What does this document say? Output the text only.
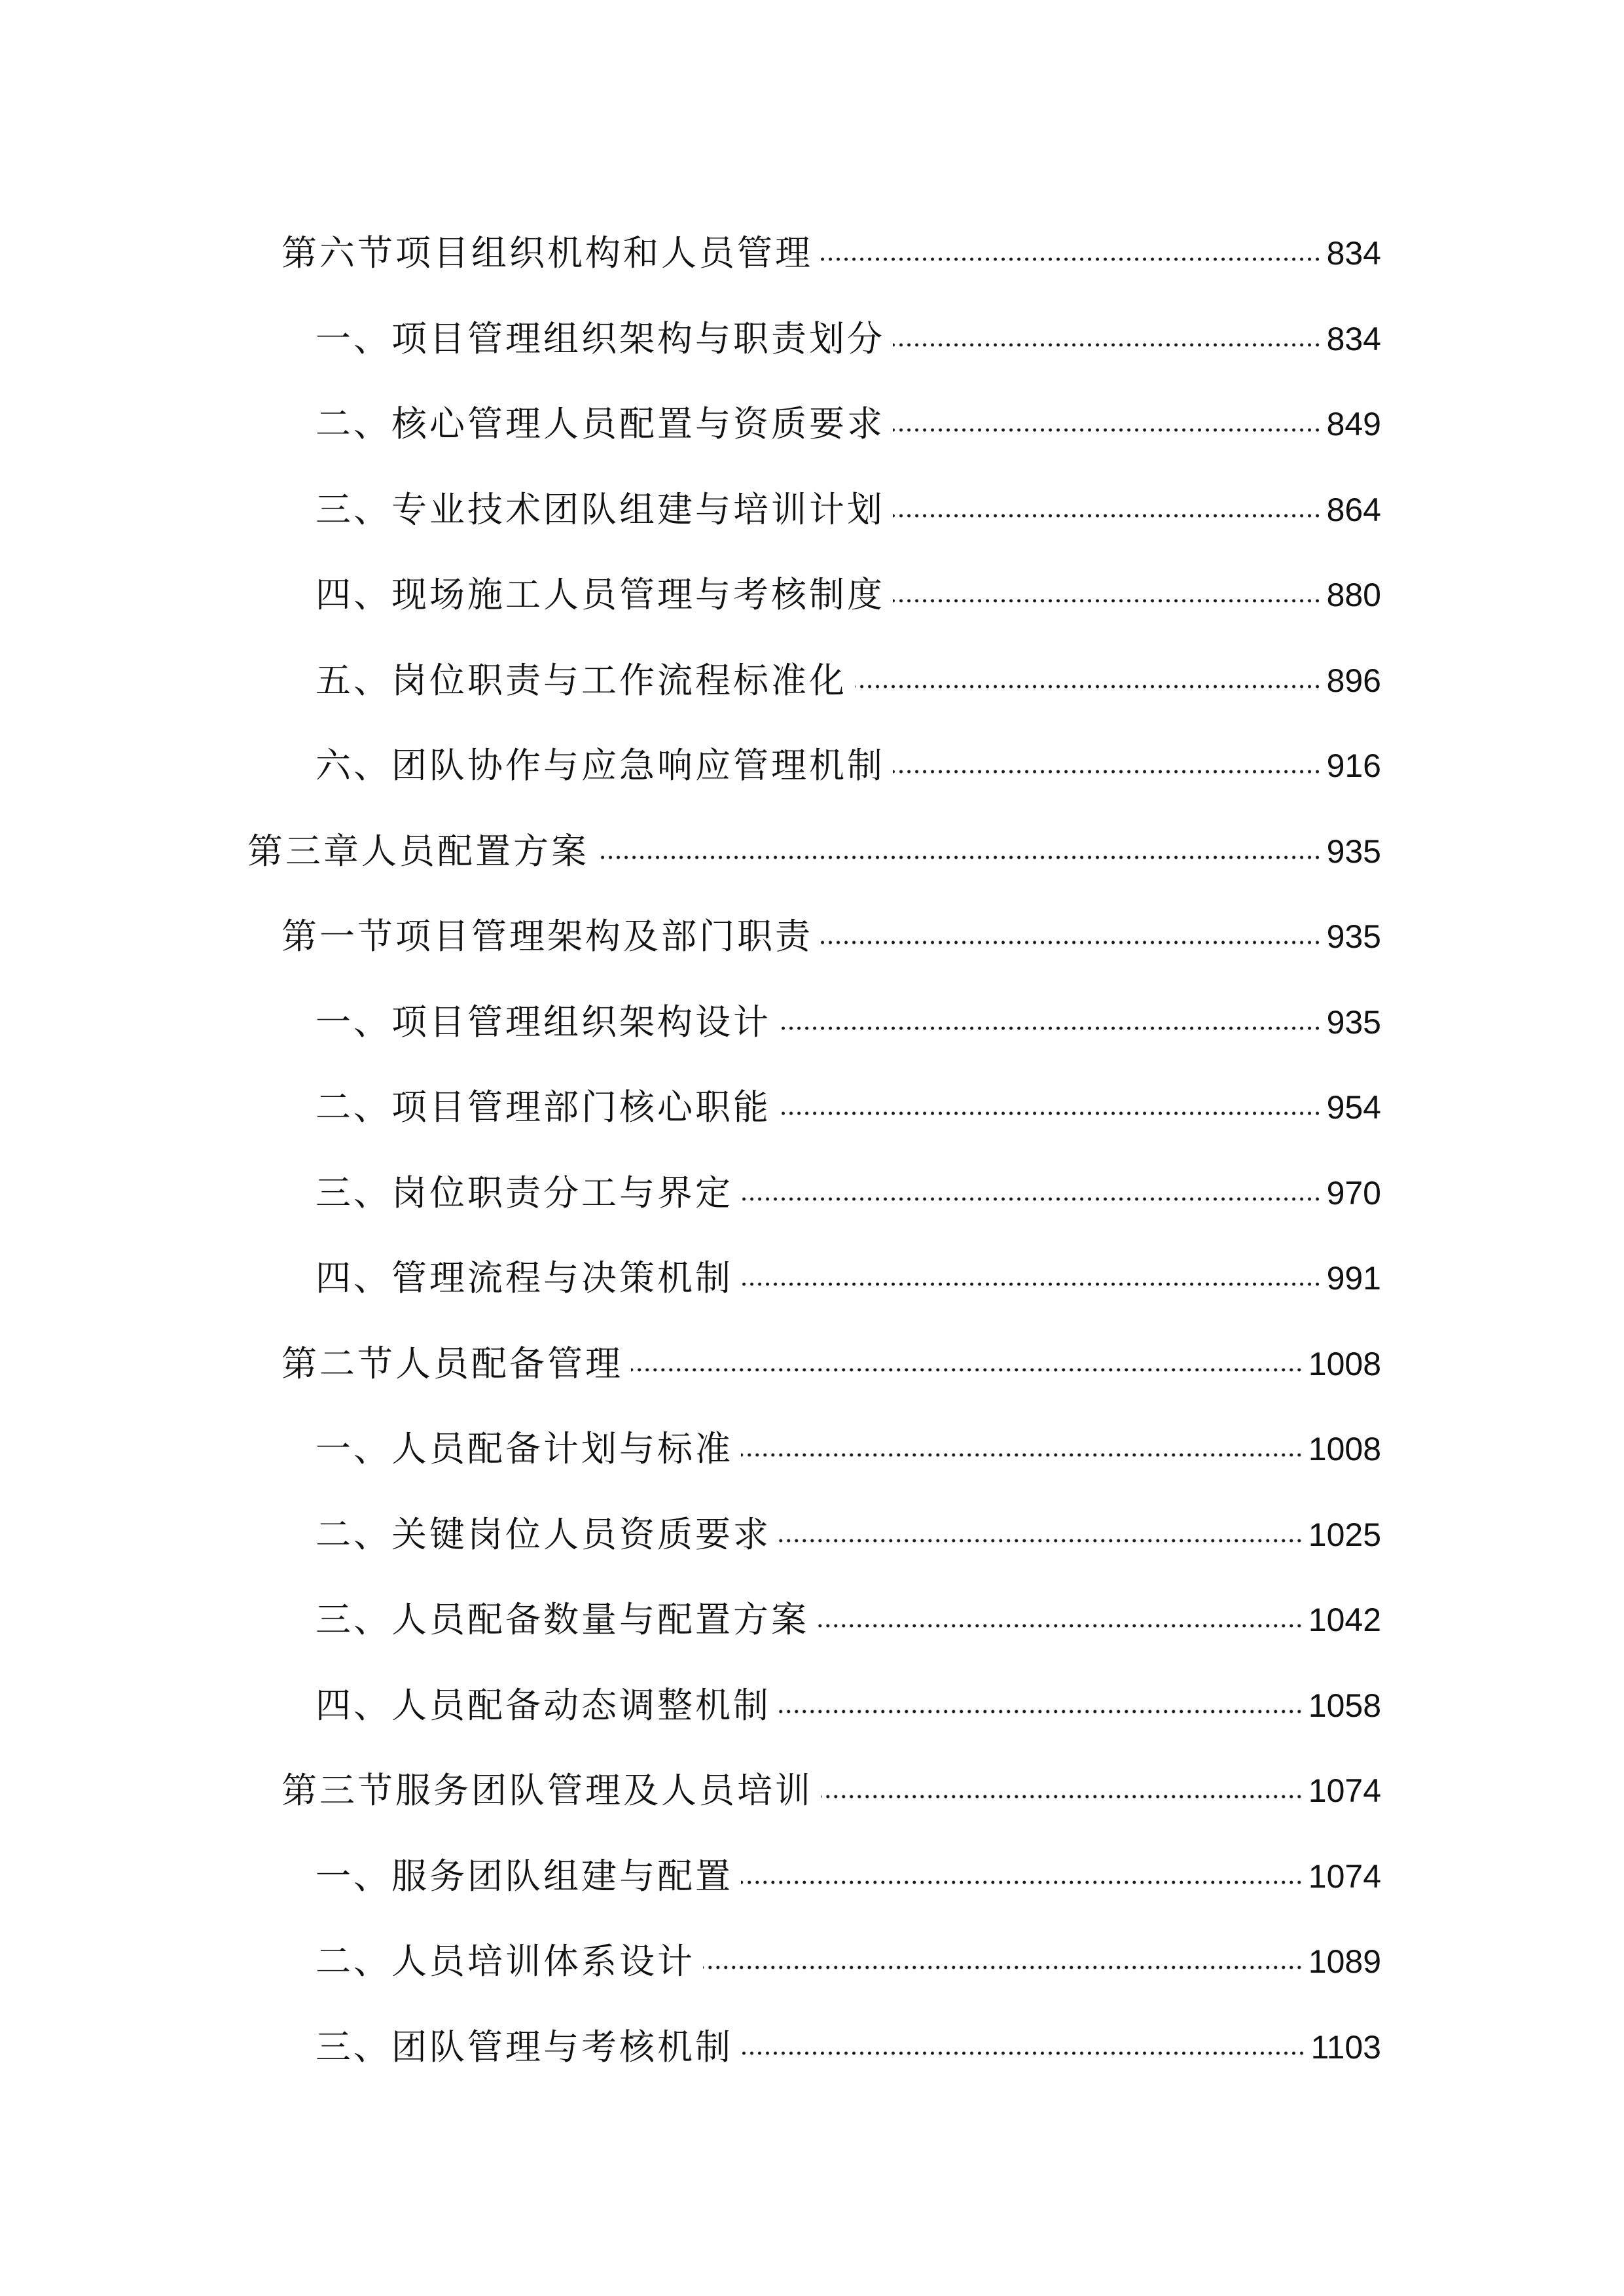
第六节项目组织机构和人员管理	834
一、项目管理组织架构与职责划分	834
二、核心管理人员配置与资质要求	849
三、专业技术团队组建与培训计划	864
四、现场施工人员管理与考核制度	880
五、岗位职责与工作流程标准化	896
六、团队协作与应急响应管理机制	916
第三章人员配置方案	935
第一节项目管理架构及部门职责	935
一、项目管理组织架构设计	935
二、项目管理部门核心职能	954
三、岗位职责分工与界定	970
四、管理流程与决策机制	991
第二节人员配备管理	1008
一、人员配备计划与标准	1008
二、关键岗位人员资质要求	1025
三、人员配备数量与配置方案	1042
四、人员配备动态调整机制	1058
第三节服务团队管理及人员培训	1074
一、服务团队组建与配置	1074
二、人员培训体系设计	1089
三、团队管理与考核机制	1103
